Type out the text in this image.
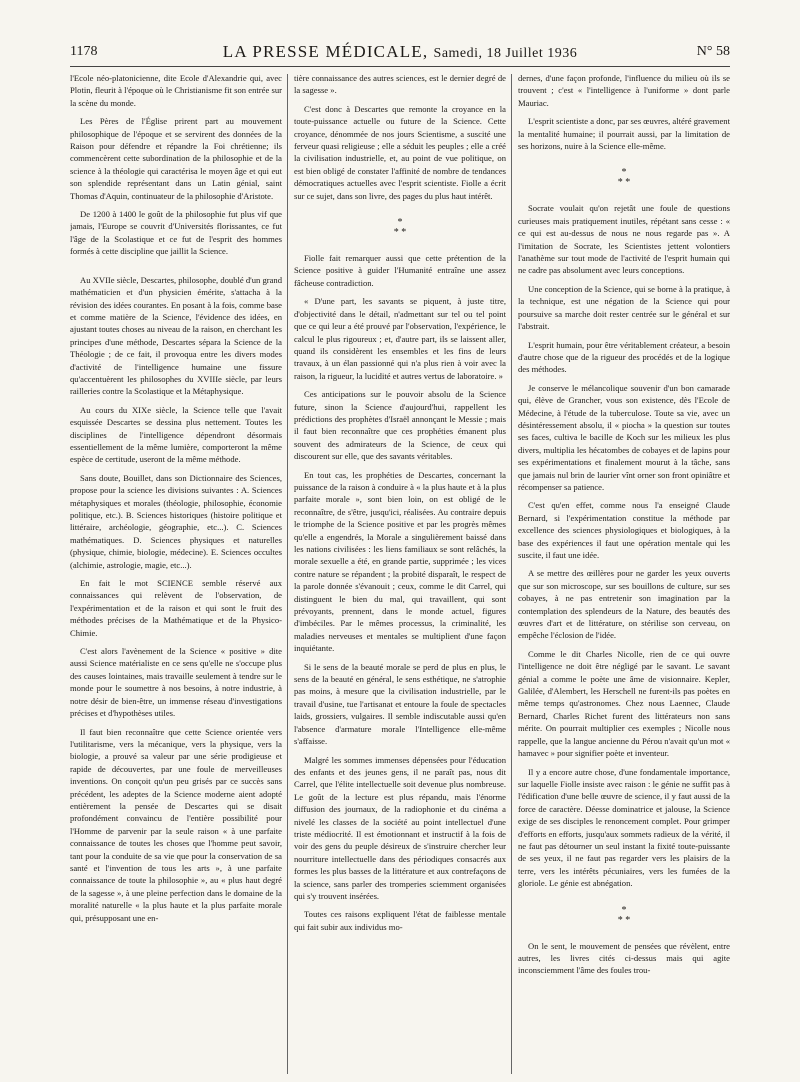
1178	LA PRESSE MÉDICALE, Samedi, 18 Juillet 1936	N° 58

l'Ecole néo-platonicienne, dite Ecole d'Alexandrie qui, avec Plotin, fleurit à l'époque où le Christianisme fit son entrée sur la scène du monde.

Les Pères de l'Église prirent part au mouvement philosophique de l'époque et se servirent des données de la Raison pour défendre et répandre la Foi chrétienne; ils commencèrent cette subordination de la philosophie et de la science à la théologie qui caractérisa le moyen âge et qui eut son splendide représentant dans un Latin génial, saint Thomas d'Aquin, continuateur de la philosophie d'Aristote.

De 1200 à 1400 le goût de la philosophie fut plus vif que jamais, l'Europe se couvrit d'Universités florissantes, ce fut l'âge de la Scolastique et ce fut de l'esprit des hommes formés à cette discipline que jaillit la Science.

Au XVIIe siècle, Descartes, philosophe, doublé d'un grand mathématicien et d'un physicien émérite, s'attacha à la révision des idées courantes. En posant à la fois, comme base et comme matière de la Science, l'évidence des idées, en ajustant toutes choses au niveau de la raison, en cherchant les principes d'une méthode, Descartes sépara la Science de la Théologie ; de ce fait, il provoqua entre les divers modes d'activité de l'intelligence humaine une fissure qu'accentuèrent les philosophes du XVIIIe siècle, par leurs railleries contre la Scolastique et la Métaphysique.

Au cours du XIXe siècle, la Science telle que l'avait esquissée Descartes se dessina plus nettement. Toutes les disciplines de l'intelligence dépendront désormais essentiellement de la même lumière, comporteront la même espèce de certitude, useront de la même méthode.

Sans doute, Bouillet, dans son Dictionnaire des Sciences, propose pour la science les divisions suivantes : A. Sciences métaphysiques et morales (théologie, philosophie, économie politique, etc.). B. Sciences historiques (histoire politique et littéraire, archéologie, géographie, etc...). C. Sciences mathématiques. D. Sciences physiques et naturelles (physique, chimie, biologie, médecine). E. Sciences occultes (alchimie, astrologie, magie, etc...).

En fait le mot SCIENCE semble réservé aux connaissances qui relèvent de l'observation, de l'expérimentation et de la raison et qui sont le fruit des méthodes précises de la Mathématique et de la Physico-Chimie.

C'est alors l'avènement de la Science « positive » dite aussi Science matérialiste en ce sens qu'elle ne s'occupe plus des causes lointaines, mais travaille seulement à tendre sur le monde pour le soumettre à nos besoins, à notre industrie, à notre désir de bien-être, un immense réseau d'investigations précises et d'hypothèses utiles.

Il faut bien reconnaître que cette Science orientée vers l'utilitarisme, vers la mécanique, vers la physique, vers la biologie, a prouvé sa valeur par une série prodigieuse et rapide de découvertes, par une foule de merveilleuses inventions. On conçoit qu'un peu grisés par ce succès sans précédent, les adeptes de la Science moderne aient adopté entièrement la pensée de Descartes qui se disait profondément convaincu de l'entière possibilité pour l'Homme de parvenir par la seule raison « à une parfaite connaissance de toutes les choses que l'homme peut savoir, tant pour la conduite de sa vie que pour la conservation de sa santé et l'invention de tous les arts », à une parfaite connaissance de toute la philosophie », au « plus haut degré de la sagesse », à une pleine perfection dans le domaine de la moralité naturelle « la plus haute et la plus parfaite morale qui, présupposant une en-

tière connaissance des autres sciences, est le dernier degré de la sagesse ».

C'est donc à Descartes que remonte la croyance en la toute-puissance actuelle ou future de la Science. Cette croyance, dénommée de nos jours Scientisme, a suscité une ferveur quasi religieuse ; elle a séduit les peuples ; elle a créé la civilisation industrielle, et, au point de vue politique, on est bien obligé de constater l'affinité de nombre de tendances démocratiques actuelles avec l'esprit scientiste. Fiolle a écrit sur ce sujet, dans son livre, des pages du plus haut intérêt.

*
* *

Fiolle fait remarquer aussi que cette prétention de la Science positive à guider l'Humanité entraîne une assez fâcheuse contradiction.

« D'une part, les savants se piquent, à juste titre, d'objectivité dans le détail, n'admettant sur tel ou tel point que ce qui leur a été prouvé par l'observation, l'expérience, le calcul le plus rigoureux ; et, d'autre part, ils se laissent aller, quand ils considèrent les ensembles et les fins de leurs travaux, à un élan passionné qui n'a plus rien à voir avec la raison, la rigueur, la lucidité et autres vertus de laboratoire. »

Ces anticipations sur le pouvoir absolu de la Science future, sinon la Science d'aujourd'hui, rappellent les prédictions des prophètes d'Israël annonçant le Messie ; mais il faut bien reconnaître que ces prophéties émanent plus souvent des admirateurs de la Science, de ceux qui discourent sur elle, que des savants véritables.

En tout cas, les prophéties de Descartes, concernant la puissance de la raison à conduire à « la plus haute et à la plus parfaite morale », sont bien loin, on est obligé de le reconnaître, de s'être, jusqu'ici, réalisées. Au contraire depuis le triomphe de la Science positive et par les progrès mêmes qu'elle a engendrés, la Morale a singulièrement baissé dans les nations civilisées : les liens familiaux se sont relâchés, la morale sexuelle a été, en grande partie, supprimée ; les vices contre nature se répandent ; la probité disparaît, le respect de la parole donnée s'évanouit ; ceux, comme le dit Carrel, qui distinguent le bien du mal, qui travaillent, qui sont prévoyants, prennent, dans le monde actuel, figures d'imbéciles. Par le mêmes processus, la criminalité, les maladies nerveuses et mentales se multiplient d'une façon inquiétante.

Si le sens de la beauté morale se perd de plus en plus, le sens de la beauté en général, le sens esthétique, ne s'atrophie pas moins, à mesure que la civilisation industrielle, par le travail d'usine, tue l'artisanat et entoure la foule de spectacles laids, grossiers, vulgaires. Il semble indiscutable aussi qu'en l'absence d'armature morale l'Intelligence elle-même s'affaisse.

Malgré les sommes immenses dépensées pour l'éducation des enfants et des jeunes gens, il ne paraît pas, nous dit Carrel, que l'élite intellectuelle soit devenue plus nombreuse. Le goût de la lecture est plus répandu, mais l'énorme diffusion des journaux, de la radiophonie et du cinéma a nivelé les classes de la société au point intellectuel d'une triste médiocrité. Il est émotionnant et instructif à la fois de voir des gens du peuple désireux de s'instruire chercher leur nourriture intellectuelle dans des périodiques consacrés aux formes les plus basses de la littérature et aux contrefaçons de la science, sans parler des tromperies sciemment organisées qui s'y trouvent insérées.

Toutes ces raisons expliquent l'état de faiblesse mentale qui fait subir aux individus mo-

dernes, d'une façon profonde, l'influence du milieu où ils se trouvent ; c'est « l'intelligence à l'uniforme » dont parle Mauriac.

L'esprit scientiste a donc, par ses œuvres, altéré gravement la mentalité humaine; il pourrait aussi, par la limitation de ses horizons, nuire à la Science elle-même.

*
* *

Socrate voulait qu'on rejetât une foule de questions curieuses mais pratiquement inutiles, répétant sans cesse : « ce qui est au-dessus de nous ne nous regarde pas ». A l'imitation de Socrate, les Scientistes jettent volontiers l'anathème sur tout mode de l'activité de l'esprit humain qui ne cadre pas absolument avec leurs conceptions.

Une conception de la Science, qui se borne à la pratique, à la technique, est une négation de la Science qui pour poursuive sa marche doit rester centrée sur le général et sur l'abstrait.

L'esprit humain, pour être véritablement créateur, a besoin d'autre chose que de la rigueur des procédés et de la logique des méthodes.

Je conserve le mélancolique souvenir d'un bon camarade qui, élève de Grancher, vous son existence, dès l'Ecole de Médecine, à l'étude de la tuberculose. Toute sa vie, avec un désintéressement absolu, il « piocha » la question sur toutes ses faces, cultiva le bacille de Koch sur les milieux les plus divers, multiplia les hécatombes de cobayes et de lapins pour ses expérimentations et finalement mourut à la tâche, sans que jamais nul brin de laurier vînt orner son front opiniâtre et récompenser sa patience.

C'est qu'en effet, comme nous l'a enseigné Claude Bernard, si l'expérimentation constitue la méthode par excellence des sciences physiologiques et biologiques, à la base des expériences il faut une opération mentale qui les suscite, il faut une idée.

A se mettre des œillères pour ne garder les yeux ouverts que sur son microscope, sur ses bouillons de culture, sur ses cobayes, à ne pas entretenir son imagination par la contemplation des splendeurs de la Nature, des beautés des œuvres d'art et de littérature, on stérilise son cerveau, on empêche l'éclosion de l'idée.

Comme le dit Charles Nicolle, rien de ce qui ouvre l'intelligence ne doit être négligé par le savant. Le savant génial a comme le poète une âme de visionnaire. Kepler, Galilée, d'Alembert, les Herschell ne furent-ils pas poètes en même temps qu'astronomes. Chez nous Laennec, Claude Bernard, Charles Richet furent des littérateurs non sans mérite. On pourrait multiplier ces exemples ; Nicolle nous rappelle, que la langue ancienne du Pérou n'avait qu'un mot « hamavec » pour signifier poète et inventeur.

Il y a encore autre chose, d'une fondamentale importance, sur laquelle Fiolle insiste avec raison : le génie ne suffit pas à l'édification d'une belle œuvre de science, il y faut aussi de la force de caractère. Déesse dominatrice et jalouse, la Science exige de ses disciples le renoncement complet. Pour grimper d'efforts en efforts, jusqu'aux sommets radieux de la vérité, il ne faut pas détourner un seul instant la fixité toute-puissante de ses yeux, il ne faut pas regarder vers les plaisirs de la terre, vers les intérêts pécuniaires, vers les fumées de la gloriole. Le génie est abnégation.

*
* *

On le sent, le mouvement de pensées que révèlent, entre autres, les livres cités ci-dessus mais qui agite inconsciemment l'âme des foules trou-
